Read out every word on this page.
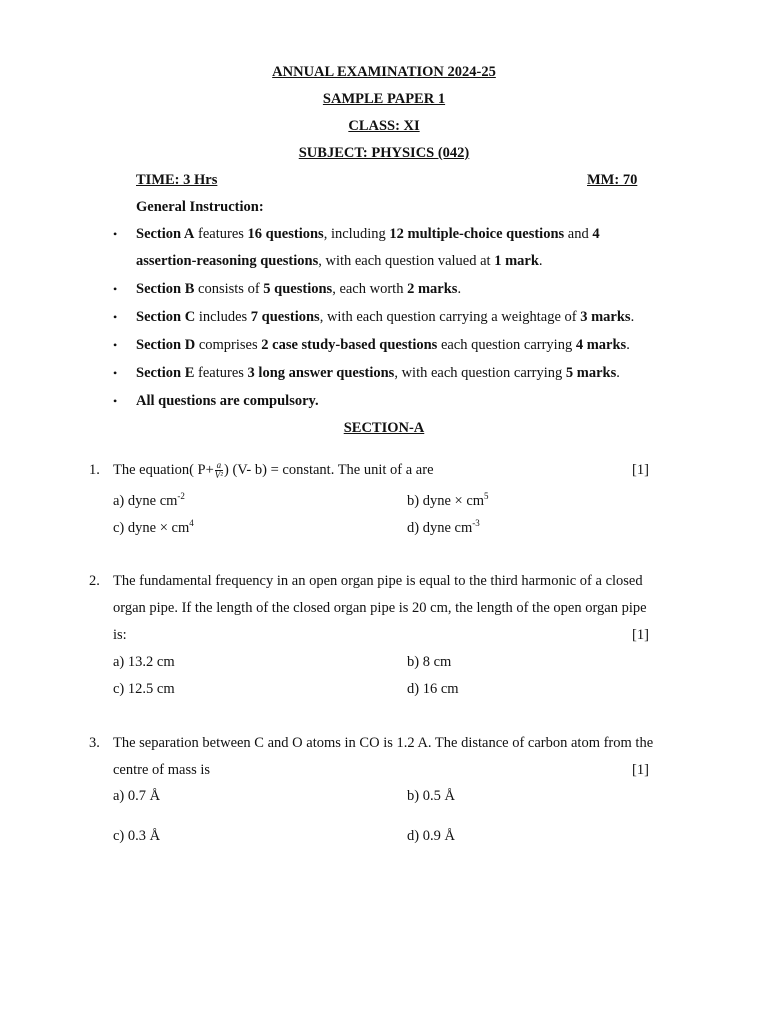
ANNUAL EXAMINATION 2024-25
SAMPLE PAPER 1
CLASS: XI
SUBJECT: PHYSICS (042)
TIME: 3 Hrs	MM: 70
General Instruction:
• Section A features 16 questions, including 12 multiple-choice questions and 4
assertion-reasoning questions, with each question valued at 1 mark.
• Section B consists of 5 questions, each worth 2 marks.
• Section C includes 7 questions, with each question carrying a weightage of 3 marks.
• Section D comprises 2 case study-based questions each question carrying 4 marks.
• Section E features 3 long answer questions, with each question carrying 5 marks.
• All questions are compulsory.
SECTION-A
1. The equation( $P+ \frac{a}{\text{V²}}$ ) (V- b) = constant. The unit of a are	[1]
a) dyne $cm^{-2}$	b) dyne × $cm^5$
c) dyne × $cm^4$	d) dyne $cm^{-3}$
2. The fundamental frequency in an open organ pipe is equal to the third harmonic of a closed
organ pipe. If the length of the closed organ pipe is 20 cm, the length of the open organ pipe
is:	[1]
a) 13.2 cm	b) 8 cm
c) 12.5 cm	d) 16 cm
3. The separation between C and O atoms in CO is 1.2 A. The distance of carbon atom from the
centre of mass is	[1]
a) 0.7 Å	b) 0.5 Å
c) 0.3 Å	d) 0.9 Å
